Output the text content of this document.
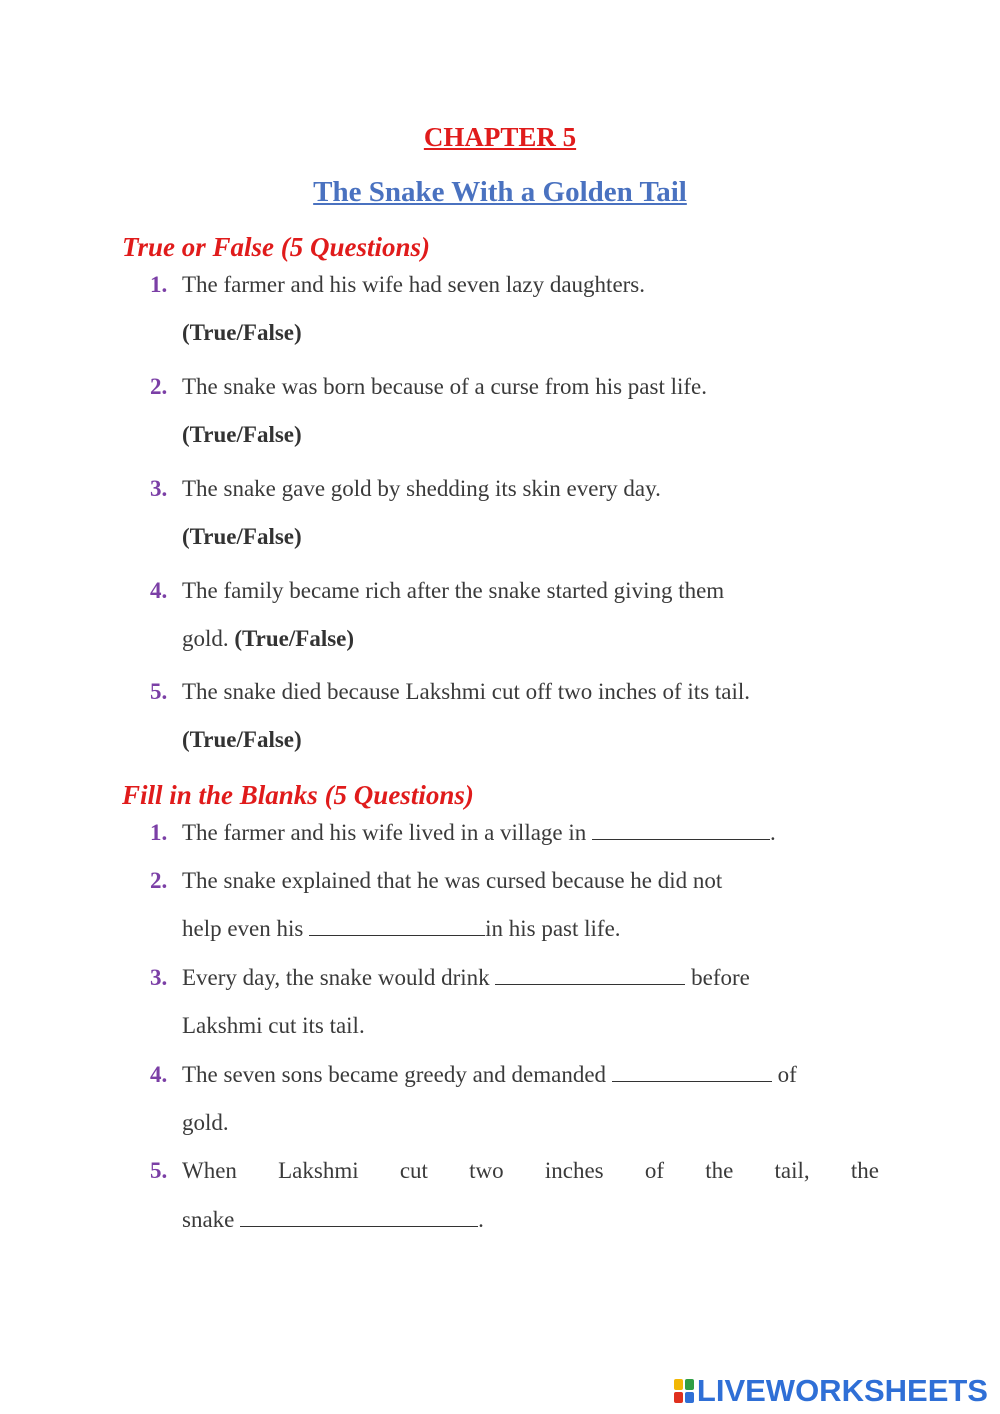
CHAPTER 5
The Snake With a Golden Tail
True or False (5 Questions)
1. The farmer and his wife had seven lazy daughters.
(True/False)
2. The snake was born because of a curse from his past life.
(True/False)
3. The snake gave gold by shedding its skin every day.
(True/False)
4. The family became rich after the snake started giving them
gold. (True/False)
5. The snake died because Lakshmi cut off two inches of its tail.
(True/False)
Fill in the Blanks (5 Questions)
1. The farmer and his wife lived in a village in	.
2. The snake explained that he was cursed because he did not
help even his	in his past life.
3. Every day, the snake would drink	before
Lakshmi cut its tail.
4. The seven sons became greedy and demanded	of
gold.
5. When Lakshmi cut two inches of the tail, the
snake	.
LIVEWORKSHEETS
